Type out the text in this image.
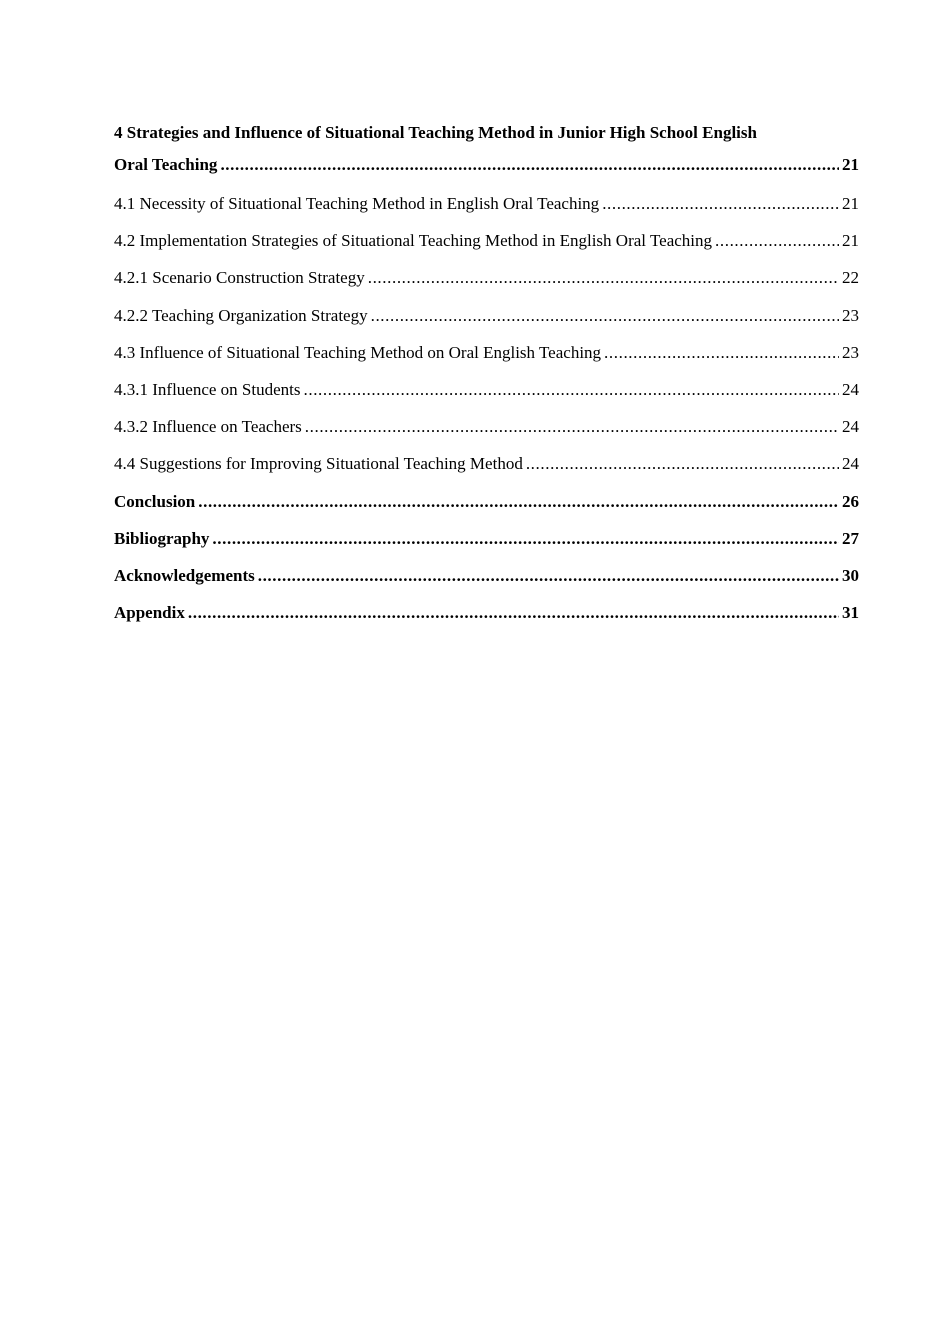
4 Strategies and Influence of Situational Teaching Method in Junior High School English
Oral Teaching .....	21
4.1 Necessity of Situational Teaching Method in English Oral Teaching .....	21
4.2 Implementation Strategies of Situational Teaching Method in English Oral Teaching .....	21
4.2.1 Scenario Construction Strategy .....	22
4.2.2 Teaching Organization Strategy .....	23
4.3 Influence of Situational Teaching Method on Oral English Teaching .....	23
4.3.1 Influence on Students .....	24
4.3.2 Influence on Teachers .....	24
4.4 Suggestions for Improving Situational Teaching Method .....	24
Conclusion .....	26
Bibliography .....	27
Acknowledgements .....	30
Appendix .....	31
